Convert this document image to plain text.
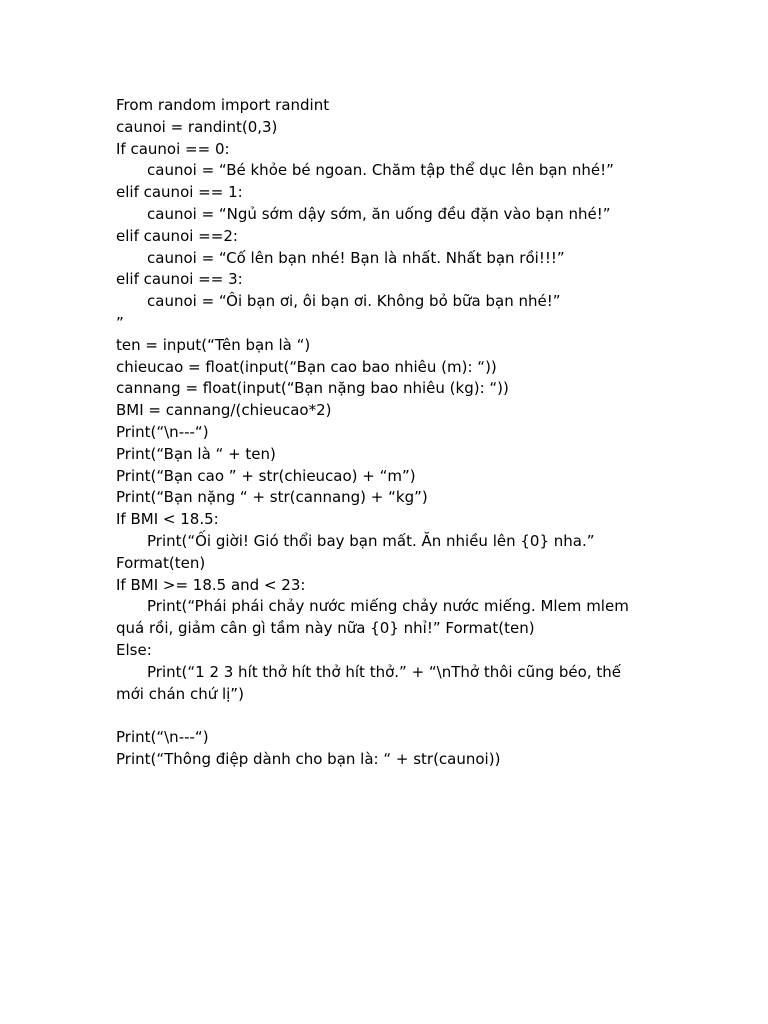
From random import randint

caunoi = randint(0,3)

If caunoi == 0:

caunoi = “Bé khỏe bé ngoan. Chăm tập thể dục lên bạn nhé!”

elif caunoi == 1:

caunoi = “Ngủ sớm dậy sớm, ăn uống đều đặn vào bạn nhé!”

elif caunoi ==2:

caunoi = “Cố lên bạn nhé! Bạn là nhất. Nhất bạn rồi!!!”

elif caunoi == 3:

caunoi = “Ôi bạn ơi, ôi bạn ơi. Không bỏ bữa bạn nhé!”

”

ten = input(“Tên bạn là “)

chieucao = float(input(“Bạn cao bao nhiêu (m): “))

cannang = float(input(“Bạn nặng bao nhiêu (kg): “))

BMI = cannang/(chieucao*2)

Print(“\n---“)

Print(“Bạn là “ + ten)

Print(“Bạn cao ” + str(chieucao) + “m”)

Print(“Bạn nặng “ + str(cannang) + “kg”)

If BMI < 18.5:

Print(“Ối giời! Gió thổi bay bạn mất. Ăn nhiều lên {0} nha.”

Format(ten)

If BMI >= 18.5 and < 23:

Print(“Phái phái chảy nước miếng chảy nước miếng. Mlem mlem

quá rồi, giảm cân gì tầm này nữa {0} nhỉ!” Format(ten)

Else:

Print(“1 2 3 hít thở hít thở hít thở.” + “\nThở thôi cũng béo, thế

mới chán chứ lị”)

Print(“\n---“)

Print(“Thông điệp dành cho bạn là: “ + str(caunoi))
